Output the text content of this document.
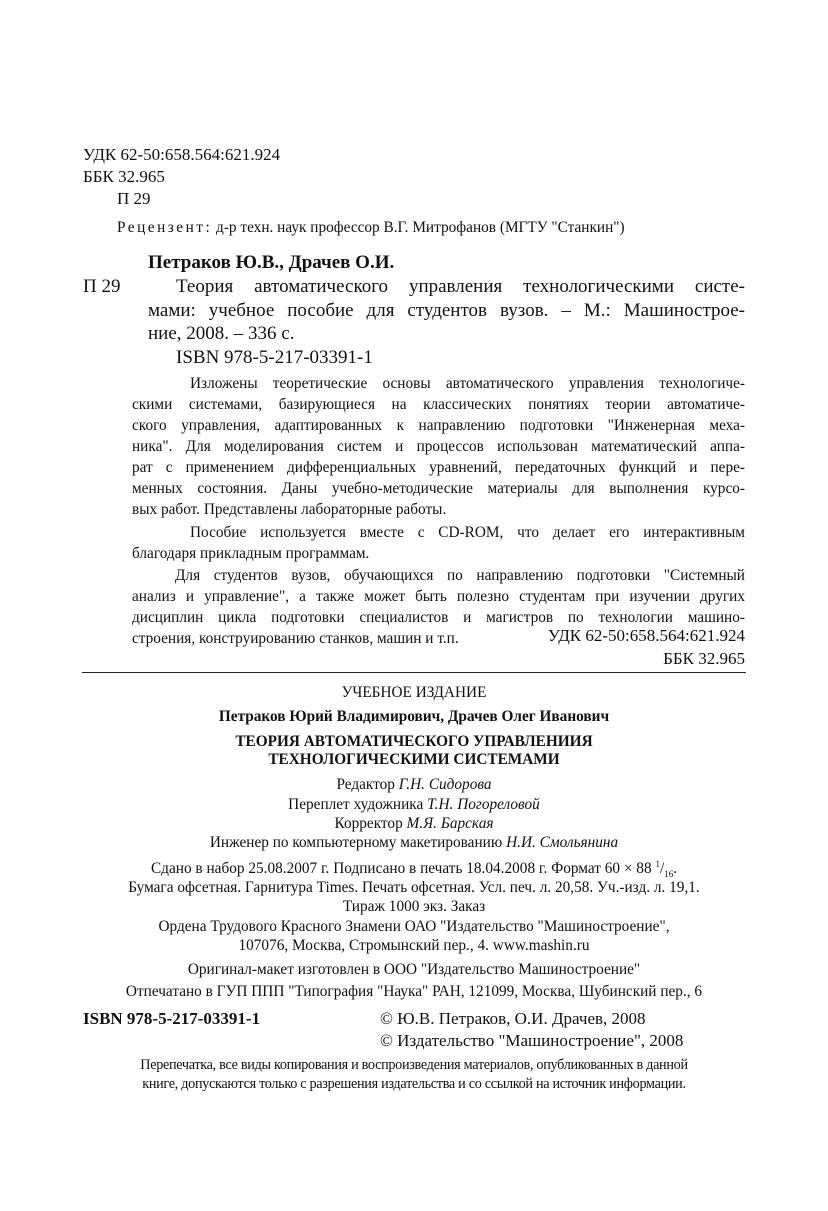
УДК 62-50:658.564:621.924
ББК 32.965
П 29
Рецензент: д-р техн. наук профессор В.Г. Митрофанов (МГТУ "Станкин")
Петраков Ю.В., Драчев О.И.
П 29	Теория автоматического управления технологическими систе-
мами: учебное пособие для студентов вузов. – М.: Машинострое-
ние, 2008. – 336 с.
ISBN 978-5-217-03391-1
Изложены теоретические основы автоматического управления технологиче-
скими системами, базирующиеся на классических понятиях теории автоматиче-
ского управления, адаптированных к направлению подготовки "Инженерная меха-
ника". Для моделирования систем и процессов использован математический аппа-
рат с применением дифференциальных уравнений, передаточных функций и пере-
менных состояния. Даны учебно-методические материалы для выполнения курсо-
вых работ. Представлены лабораторные работы.
Пособие используется вместе с CD-ROM, что делает его интерактивным
благодаря прикладным программам.
Для студентов вузов, обучающихся по направлению подготовки "Системный
анализ и управление", а также может быть полезно студентам при изучении других
дисциплин цикла подготовки специалистов и магистров по технологии машино-
строения, конструированию станков, машин и т.п.	УДК 62-50:658.564:621.924
ББК 32.965
УЧЕБНОЕ ИЗДАНИЕ
Петраков Юрий Владимирович, Драчев Олег Иванович
ТЕОРИЯ АВТОМАТИЧЕСКОГО УПРАВЛЕНИИЯ
ТЕХНОЛОГИЧЕСКИМИ СИСТЕМАМИ
Редактор Г.Н. Сидорова
Переплет художника Т.Н. Погореловой
Корректор М.Я. Барская
Инженер по компьютерному макетированию Н.И. Смольянина
Сдано в набор 25.08.2007 г. Подписано в печать 18.04.2008 г. Формат 60 × 88 $^1/_{16}$.
Бумага офсетная. Гарнитура Times. Печать офсетная. Усл. печ. л. 20,58. Уч.-изд. л. 19,1.
Тираж 1000 экз. Заказ
Ордена Трудового Красного Знамени ОАО "Издательство "Машиностроение",
107076, Москва, Стромынский пер., 4. www.mashin.ru
Оригинал-макет изготовлен в ООО "Издательство Машиностроение"
Отпечатано в ГУП ППП "Типография "Наука" РАН, 121099, Москва, Шубинский пер., 6
ISBN 978-5-217-03391-1	© Ю.В. Петраков, О.И. Драчев, 2008
© Издательство "Машиностроение", 2008
Перепечатка, все виды копирования и воспроизведения материалов, опубликованных в данной
книге, допускаются только с разрешения издательства и со ссылкой на источник информации.
